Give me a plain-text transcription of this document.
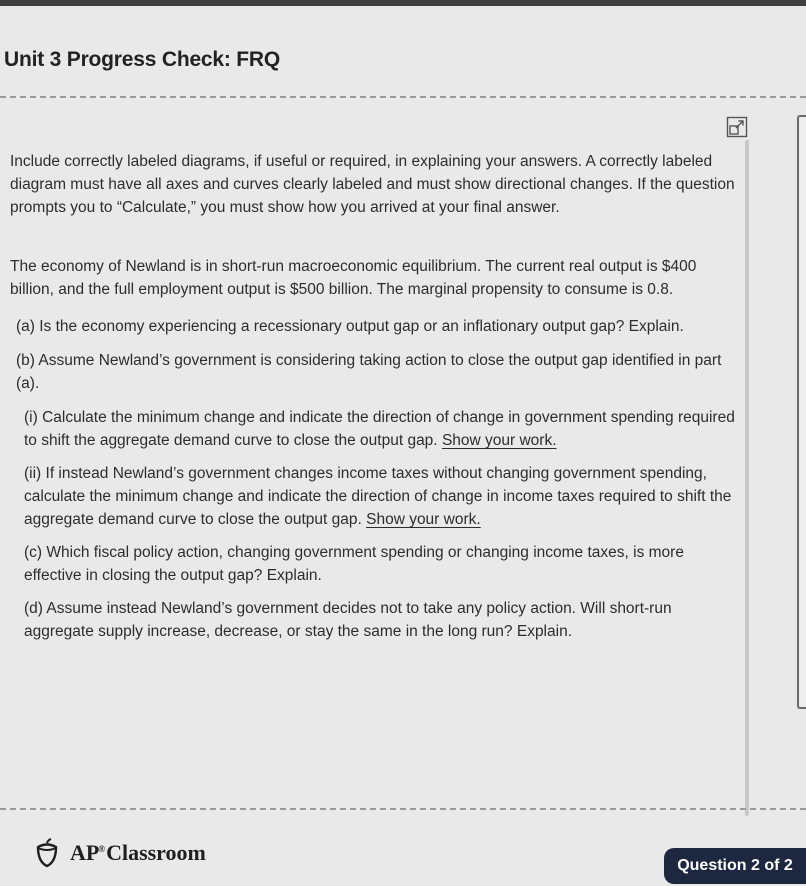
Unit 3 Progress Check: FRQ

Include correctly labeled diagrams, if useful or required, in explaining your answers. A correctly labeled diagram must have all axes and curves clearly labeled and must show directional changes. If the question prompts you to “Calculate,” you must show how you arrived at your final answer.

The economy of Newland is in short-run macroeconomic equilibrium. The current real output is $400 billion, and the full employment output is $500 billion. The marginal propensity to consume is 0.8.

(a) Is the economy experiencing a recessionary output gap or an inflationary output gap? Explain.

(b) Assume Newland’s government is considering taking action to close the output gap identified in part (a).

(i) Calculate the minimum change and indicate the direction of change in government spending required to shift the aggregate demand curve to close the output gap. Show your work.

(ii) If instead Newland’s government changes income taxes without changing government spending, calculate the minimum change and indicate the direction of change in income taxes required to shift the aggregate demand curve to close the output gap. Show your work.

(c) Which fiscal policy action, changing government spending or changing income taxes, is more effective in closing the output gap? Explain.

(d) Assume instead Newland’s government decides not to take any policy action. Will short-run aggregate supply increase, decrease, or stay the same in the long run? Explain.

AP®Classroom
Question 2 of 2
